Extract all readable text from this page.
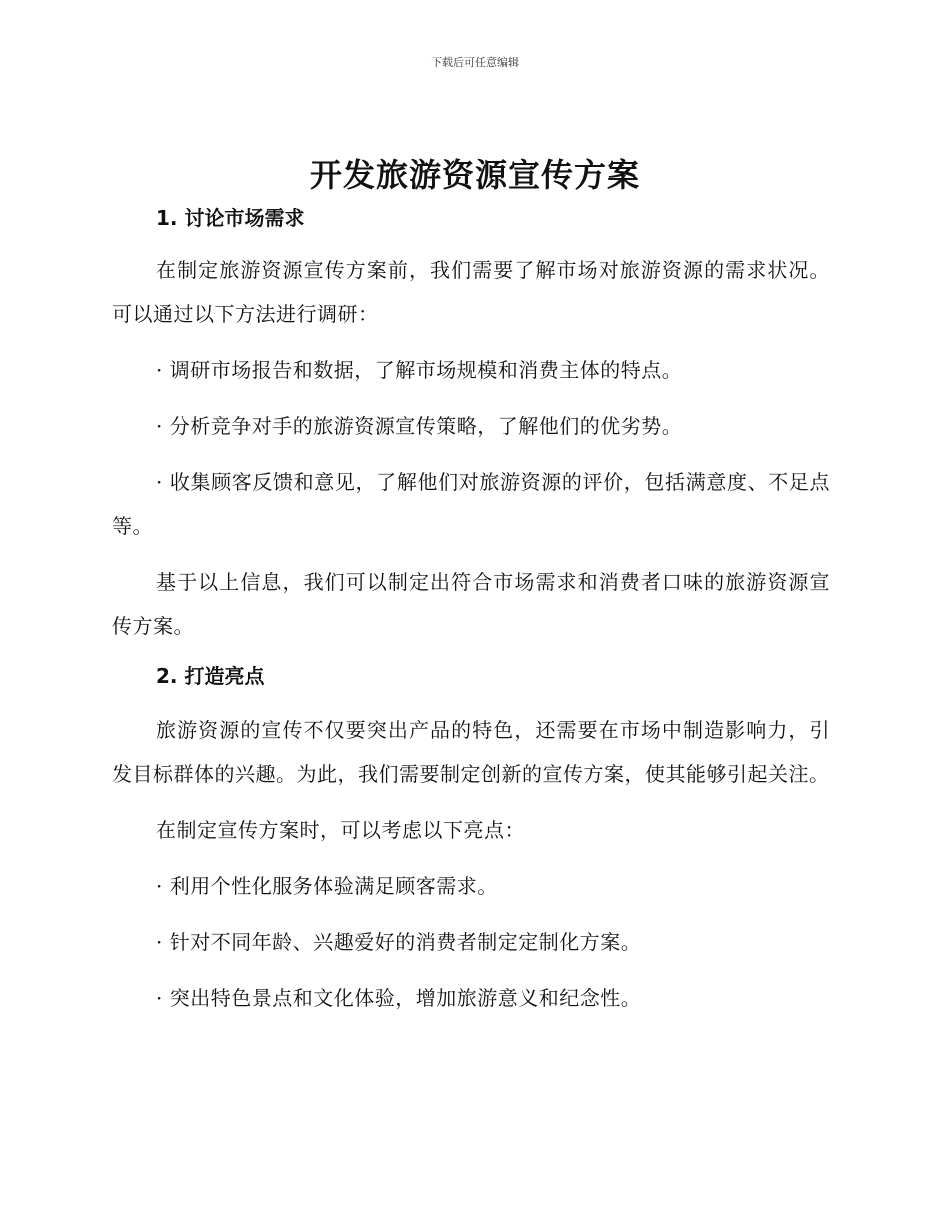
下载后可任意编辑
开发旅游资源宣传方案
1. 讨论市场需求

在制定旅游资源宣传方案前，我们需要了解市场对旅游资源的需求状况。可以通过以下方法进行调研：

· 调研市场报告和数据，了解市场规模和消费主体的特点。

· 分析竞争对手的旅游资源宣传策略，了解他们的优劣势。

· 收集顾客反馈和意见，了解他们对旅游资源的评价，包括满意度、不足点等。

基于以上信息，我们可以制定出符合市场需求和消费者口味的旅游资源宣传方案。

2. 打造亮点

旅游资源的宣传不仅要突出产品的特色，还需要在市场中制造影响力，引发目标群体的兴趣。为此，我们需要制定创新的宣传方案，使其能够引起关注。

在制定宣传方案时，可以考虑以下亮点：

· 利用个性化服务体验满足顾客需求。

· 针对不同年龄、兴趣爱好的消费者制定定制化方案。

· 突出特色景点和文化体验，增加旅游意义和纪念性。
